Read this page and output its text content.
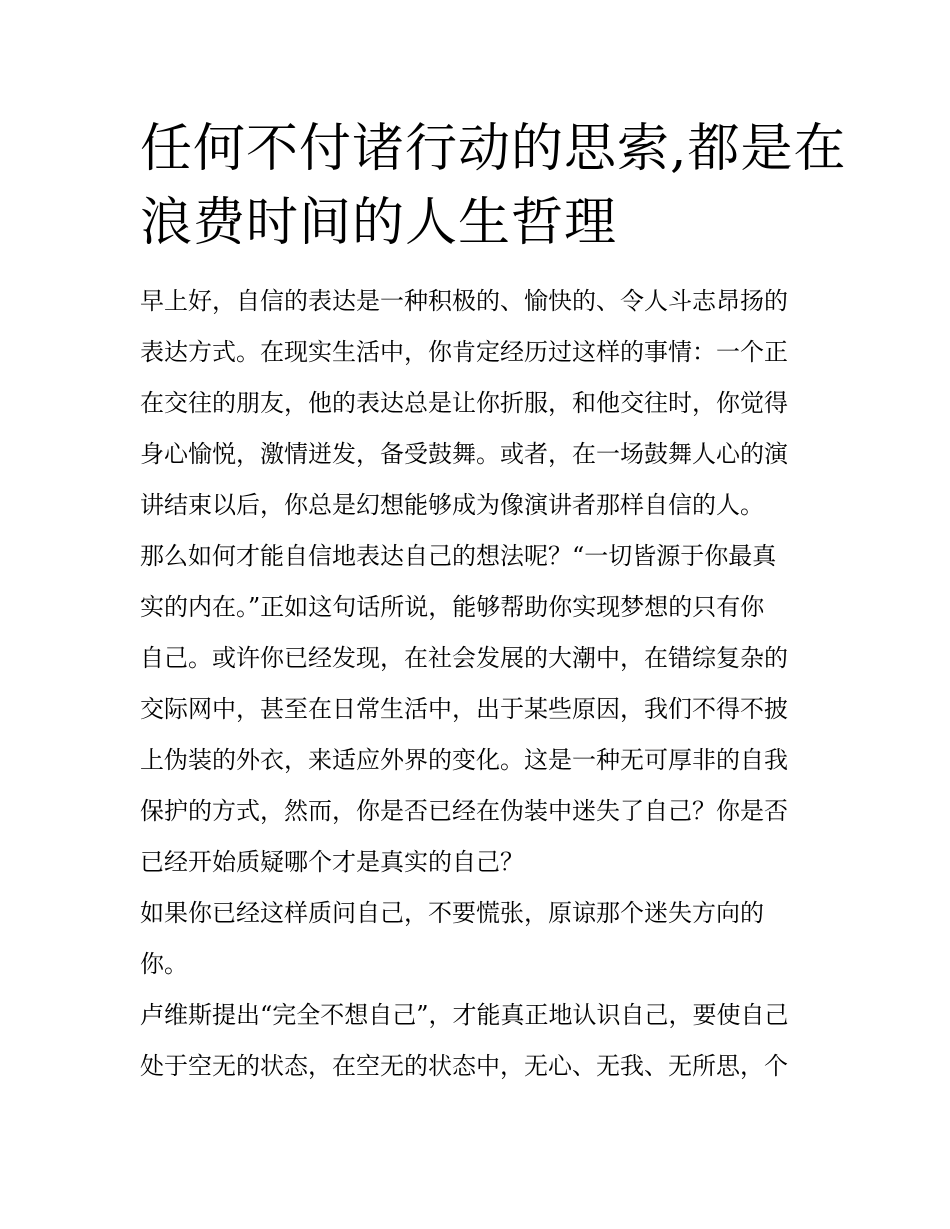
任何不付诸行动的思索,都是在
浪费时间的人生哲理
早上好，自信的表达是一种积极的、愉快的、令人斗志昂扬的
表达方式。在现实生活中，你肯定经历过这样的事情：一个正
在交往的朋友，他的表达总是让你折服，和他交往时，你觉得
身心愉悦，激情迸发，备受鼓舞。或者，在一场鼓舞人心的演
讲结束以后，你总是幻想能够成为像演讲者那样自信的人。
那么如何才能自信地表达自己的想法呢？“一切皆源于你最真
实的内在。”正如这句话所说，能够帮助你实现梦想的只有你
自己。或许你已经发现，在社会发展的大潮中，在错综复杂的
交际网中，甚至在日常生活中，出于某些原因，我们不得不披
上伪装的外衣，来适应外界的变化。这是一种无可厚非的自我
保护的方式，然而，你是否已经在伪装中迷失了自己？你是否
已经开始质疑哪个才是真实的自己？
如果你已经这样质问自己，不要慌张，原谅那个迷失方向的
你。
卢维斯提出“完全不想自己”，才能真正地认识自己，要使自己
处于空无的状态，在空无的状态中，无心、无我、无所思，个
